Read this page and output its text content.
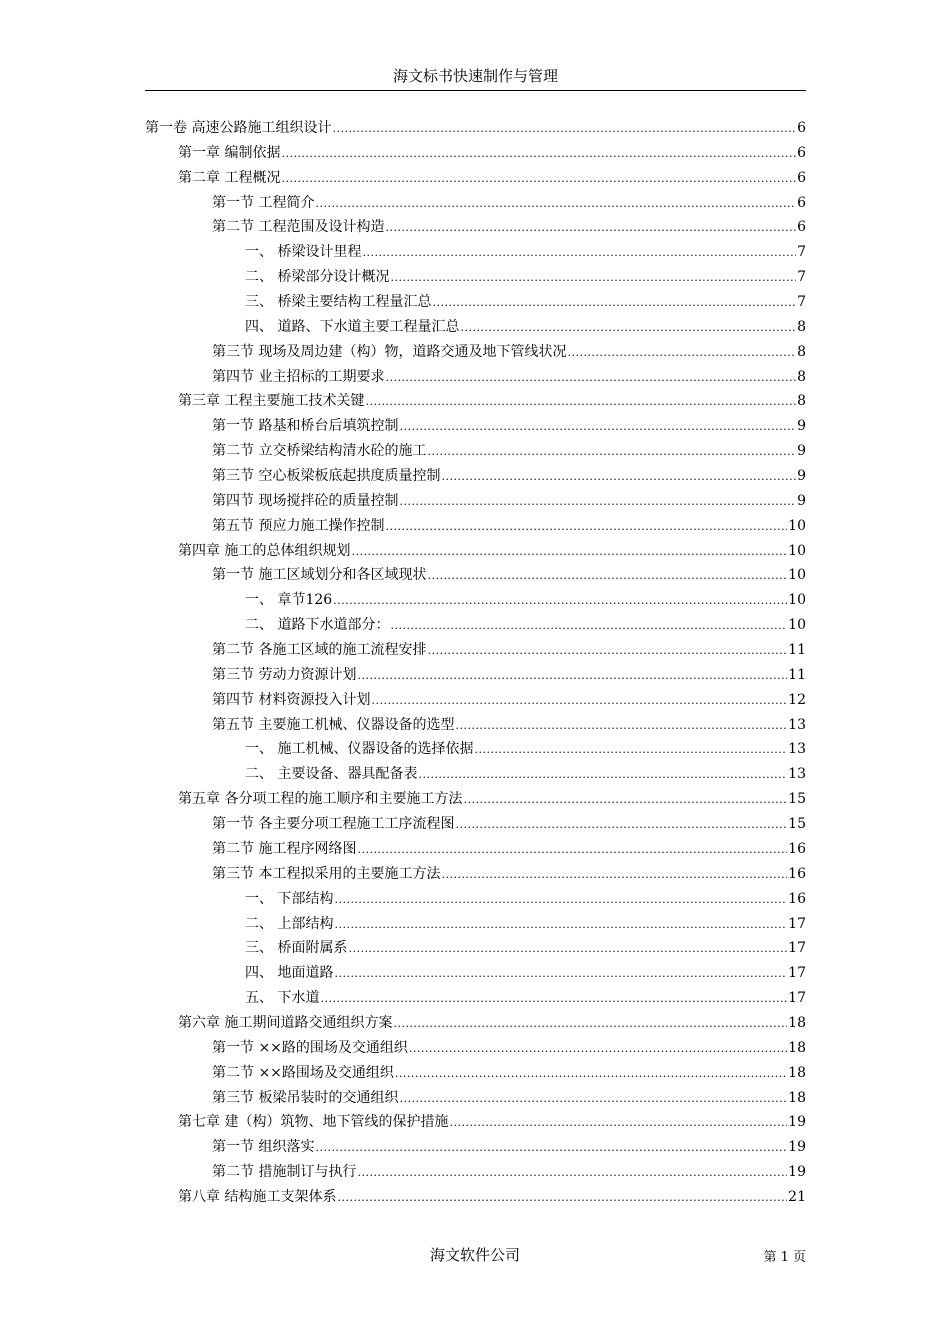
海文标书快速制作与管理
第一卷 高速公路施工组织设计 .....	6
第一章 编制依据 .....	6
第二章 工程概况 .....	6
第一节 工程简介 .....	6
第二节 工程范围及设计构造 .....	6
一、 桥梁设计里程 .....	7
二、 桥梁部分设计概况 .....	7
三、 桥梁主要结构工程量汇总 .....	7
四、 道路、下水道主要工程量汇总 .....	8
第三节 现场及周边建（构）物，道路交通及地下管线状况 .....	8
第四节 业主招标的工期要求 .....	8
第三章 工程主要施工技术关键 .....	8
第一节 路基和桥台后填筑控制 .....	9
第二节 立交桥梁结构清水砼的施工 .....	9
第三节 空心板梁板底起拱度质量控制 .....	9
第四节 现场搅拌砼的质量控制 .....	9
第五节 预应力施工操作控制 .....	10
第四章 施工的总体组织规划 .....	10
第一节 施工区域划分和各区域现状 .....	10
一、 章节126 .....	10
二、 道路下水道部分： .....	10
第二节 各施工区域的施工流程安排 .....	11
第三节 劳动力资源计划 .....	11
第四节 材料资源投入计划 .....	12
第五节 主要施工机械、仪器设备的选型 .....	13
一、 施工机械、仪器设备的选择依据 .....	13
二、 主要设备、器具配备表 .....	13
第五章 各分项工程的施工顺序和主要施工方法 .....	15
第一节 各主要分项工程施工工序流程图 .....	15
第二节 施工程序网络图 .....	16
第三节 本工程拟采用的主要施工方法 .....	16
一、 下部结构 .....	16
二、 上部结构 .....	17
三、 桥面附属系 .....	17
四、 地面道路 .....	17
五、 下水道 .....	17
第六章 施工期间道路交通组织方案 .....	18
第一节 ××路的围场及交通组织 .....	18
第二节 ××路围场及交通组织 .....	18
第三节 板梁吊装时的交通组织 .....	18
第七章 建（构）筑物、地下管线的保护措施 .....	19
第一节 组织落实 .....	19
第二节 措施制订与执行 .....	19
第八章 结构施工支架体系 .....	21
海文软件公司	第 1 页
